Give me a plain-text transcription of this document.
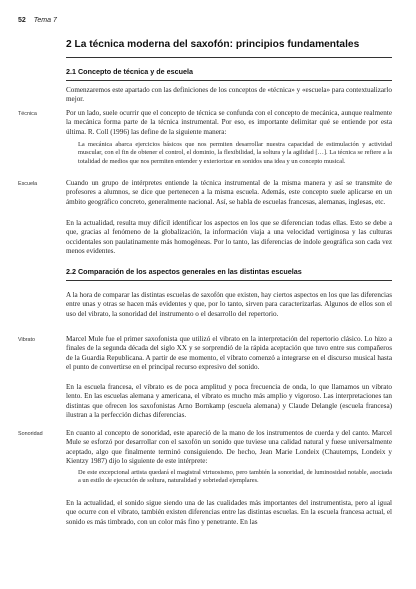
52 Tema 7
2 La técnica moderna del saxofón: principios fundamentales
2.1 Concepto de técnica y de escuela
Comenzaremos este apartado con las definiciones de los conceptos de «técnica» y «escuela» para contextualizarlo mejor.
Técnica	Por un lado, suele ocurrir que el concepto de técnica se confunda con el concepto de mecánica, aunque realmente la mecánica forma parte de la técnica instrumental. Por eso, es importante delimitar qué se entiende por esta última. R. Coll (1996) las define de la siguiente manera:
La mecánica abarca ejercicios básicos que nos permiten desarrollar nuestra capacidad de estimulación y actividad muscular, con el fin de obtener el control, el dominio, la flexibilidad, la soltura y la agilidad […]. La técnica se refiere a la totalidad de medios que nos permiten entender y exteriorizar en sonidos una idea y un concepto musical.
Escuela	Cuando un grupo de intérpretes entiende la técnica instrumental de la misma manera y así se transmite de profesores a alumnos, se dice que pertenecen a la misma escuela. Además, este concepto suele aplicarse en un ámbito geográfico concreto, generalmente nacional. Así, se habla de escuelas francesas, alemanas, inglesas, etc.
En la actualidad, resulta muy difícil identificar los aspectos en los que se diferencian todas ellas. Esto se debe a que, gracias al fenómeno de la globalización, la información viaja a una velocidad vertiginosa y las culturas occidentales son paulatinamente más homogéneas. Por lo tanto, las diferencias de índole geográfica son cada vez menos evidentes.
2.2 Comparación de los aspectos generales en las distintas escuelas
A la hora de comparar las distintas escuelas de saxofón que existen, hay ciertos aspectos en los que las diferencias entre unas y otras se hacen más evidentes y que, por lo tanto, sirven para caracterizarlas. Algunos de ellos son el uso del vibrato, la sonoridad del instrumento o el desarrollo del repertorio.
Vibrato	Marcel Mule fue el primer saxofonista que utilizó el vibrato en la interpretación del repertorio clásico. Lo hizo a finales de la segunda década del siglo XX y se sorprendió de la rápida aceptación que tuvo entre sus compañeros de la Guardia Republicana. A partir de ese momento, el vibrato comenzó a integrarse en el discurso musical hasta el punto de convertirse en el principal recurso expresivo del sonido.
En la escuela francesa, el vibrato es de poca amplitud y poca frecuencia de onda, lo que llamamos un vibrato lento. En las escuelas alemana y americana, el vibrato es mucho más amplio y vigoroso. Las interpretaciones tan distintas que ofrecen los saxofonistas Arno Bornkamp (escuela alemana) y Claude Delangle (escuela francesa) ilustran a la perfección dichas diferencias.
Sonoridad	En cuanto al concepto de sonoridad, este apareció de la mano de los instrumentos de cuerda y del canto. Marcel Mule se esforzó por desarrollar con el saxofón un sonido que tuviese una calidad natural y fuese universalmente aceptado, algo que finalmente terminó consiguiendo. De hecho, Jean Marie Londeix (Chautemps, Londeix y Kientzy 1987) dijo lo siguiente de este intérprete:
De este excepcional artista quedará el magistral virtuosismo, pero también la sonoridad, de luminosidad notable, asociada a un estilo de ejecución de soltura, naturalidad y sobriedad ejemplares.
En la actualidad, el sonido sigue siendo una de las cualidades más importantes del instrumentista, pero al igual que ocurre con el vibrato, también existen diferencias entre las distintas escuelas. En la escuela francesa actual, el sonido es más timbrado, con un color más fino y penetrante. En las
